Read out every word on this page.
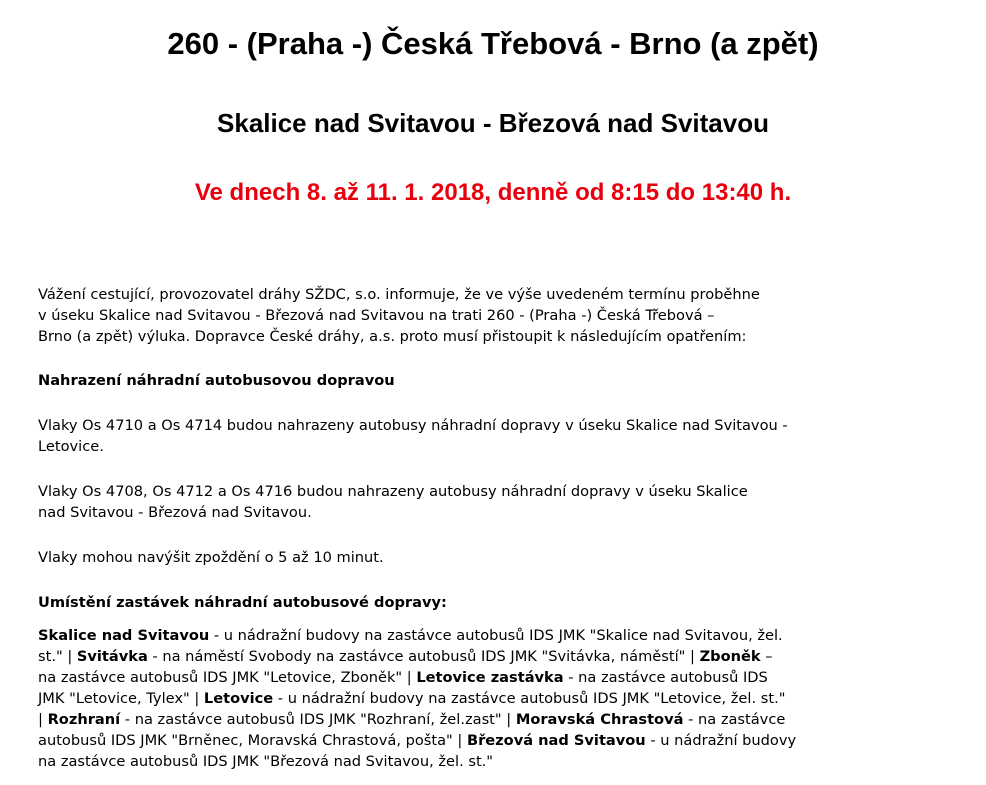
260 - (Praha -) Česká Třebová - Brno (a zpět)
Skalice nad Svitavou - Březová nad Svitavou
Ve dnech 8. až 11. 1. 2018, denně od 8:15 do 13:40 h.

Vážení cestující, provozovatel dráhy SŽDC, s.o. informuje, že ve výše uvedeném termínu proběhne
v úseku Skalice nad Svitavou - Březová nad Svitavou na trati 260 - (Praha -) Česká Třebová –
Brno (a zpět) výluka. Dopravce České dráhy, a.s. proto musí přistoupit k následujícím opatřením:

Nahrazení náhradní autobusovou dopravou

Vlaky Os 4710 a Os 4714 budou nahrazeny autobusy náhradní dopravy v úseku Skalice nad Svitavou -
Letovice.

Vlaky Os 4708, Os 4712 a Os 4716 budou nahrazeny autobusy náhradní dopravy v úseku Skalice
nad Svitavou - Březová nad Svitavou.

Vlaky mohou navýšit zpoždění o 5 až 10 minut.

Umístění zastávek náhradní autobusové dopravy:

Skalice nad Svitavou - u nádražní budovy na zastávce autobusů IDS JMK "Skalice nad Svitavou, žel.
st." | Svitávka - na náměstí Svobody na zastávce autobusů IDS JMK "Svitávka, náměstí" | Zboněk –
na zastávce autobusů IDS JMK "Letovice, Zboněk" | Letovice zastávka - na zastávce autobusů IDS
JMK "Letovice, Tylex" | Letovice - u nádražní budovy na zastávce autobusů IDS JMK "Letovice, žel. st."
| Rozhraní - na zastávce autobusů IDS JMK "Rozhraní, žel.zast" | Moravská Chrastová - na zastávce
autobusů IDS JMK "Brněnec, Moravská Chrastová, pošta" | Březová nad Svitavou - u nádražní budovy
na zastávce autobusů IDS JMK "Březová nad Svitavou, žel. st."
